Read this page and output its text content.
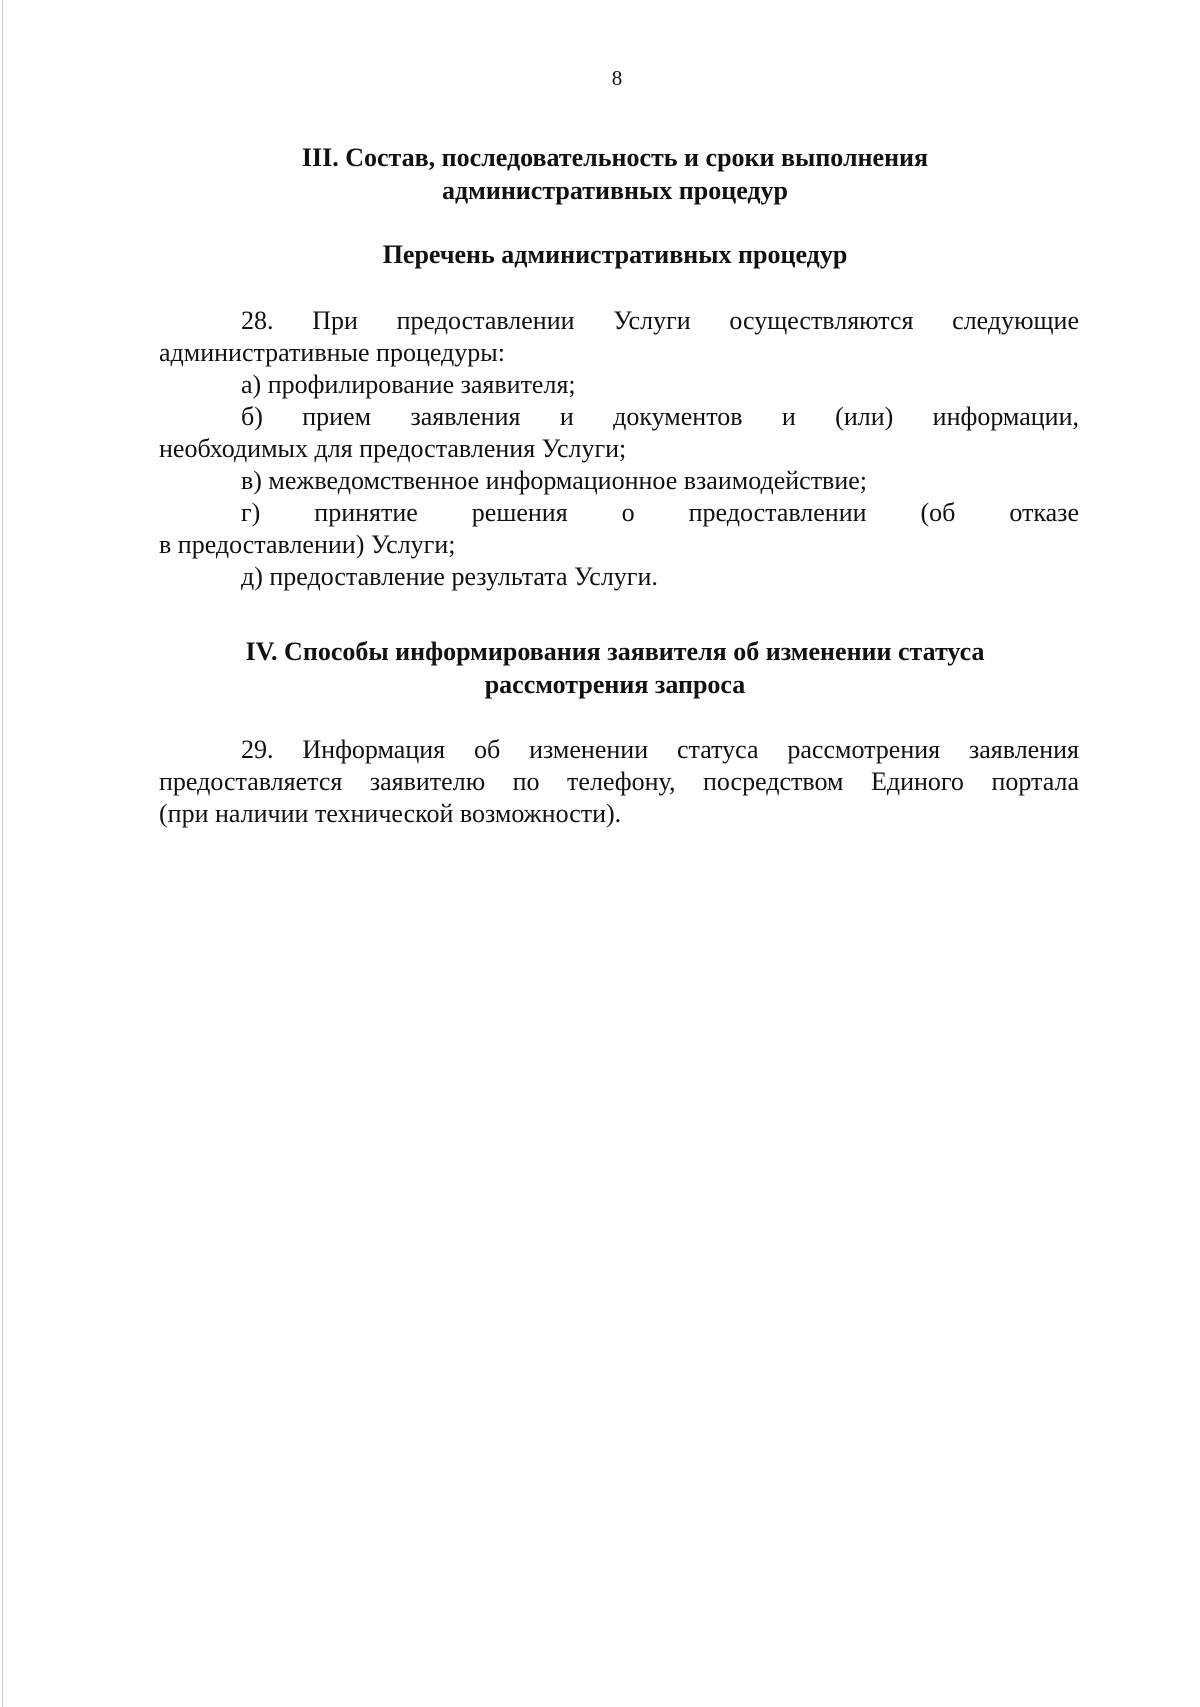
8
III. Состав, последовательность и сроки выполнения
административных процедур
Перечень административных процедур
28. При предоставлении Услуги осуществляются следующие
административные процедуры:
а) профилирование заявителя;
б) прием заявления и документов и (или) информации,
необходимых для предоставления Услуги;
в) межведомственное информационное взаимодействие;
г) принятие решения о предоставлении (об отказе
в предоставлении) Услуги;
д) предоставление результата Услуги.
IV. Способы информирования заявителя об изменении статуса
рассмотрения запроса
29. Информация об изменении статуса рассмотрения заявления
предоставляется заявителю по телефону, посредством Единого портала
(при наличии технической возможности).
